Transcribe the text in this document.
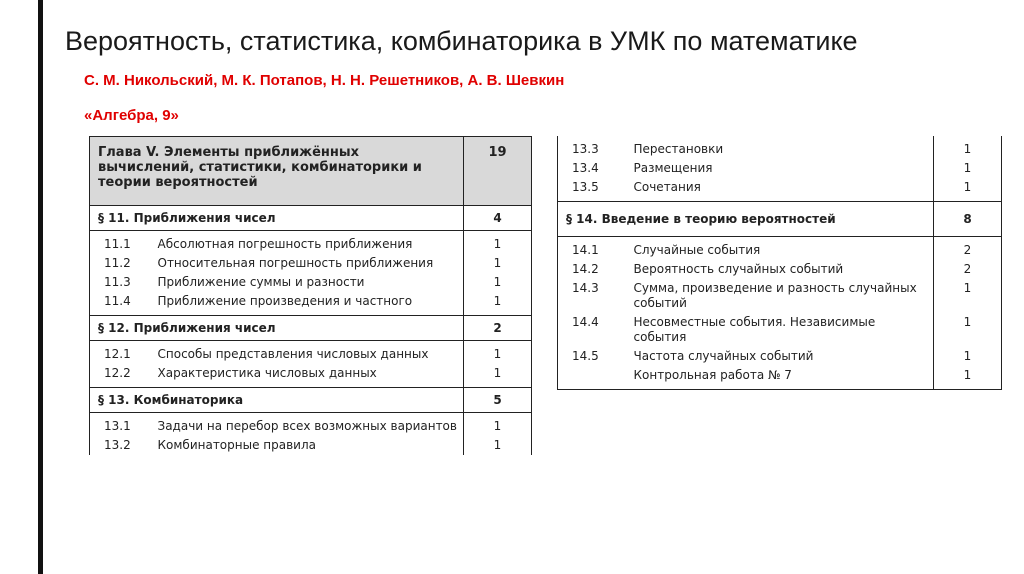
Вероятность, статистика, комбинаторика в УМК по математике
С. М. Никольский, М. К. Потапов, Н. Н. Решетников, А. В. Шевкин
«Алгебра, 9»
Глава V. Элементы приближённых вычислений, статистики, комбинаторики и теории вероятностей		19
§ 11. Приближения чисел		4
11.1	Абсолютная погрешность приближения	1
11.2	Относительная погрешность приближения	1
11.3	Приближение суммы и разности	1
11.4	Приближение произведения и частного	1
§ 12. Приближения чисел		2
12.1	Способы представления числовых данных	1
12.2	Характеристика числовых данных	1
§ 13. Комбинаторика		5
13.1	Задачи на перебор всех возможных вариантов	1
13.2	Комбинаторные правила	1
13.3	Перестановки	1
13.4	Размещения	1
13.5	Сочетания	1
§ 14. Введение в теорию вероятностей		8
14.1	Случайные события	2
14.2	Вероятность случайных событий	2
14.3	Сумма, произведение и разность случайных событий	1
14.4	Несовместные события. Независимые события	1
14.5	Частота случайных событий	1
	Контрольная работа № 7	1
